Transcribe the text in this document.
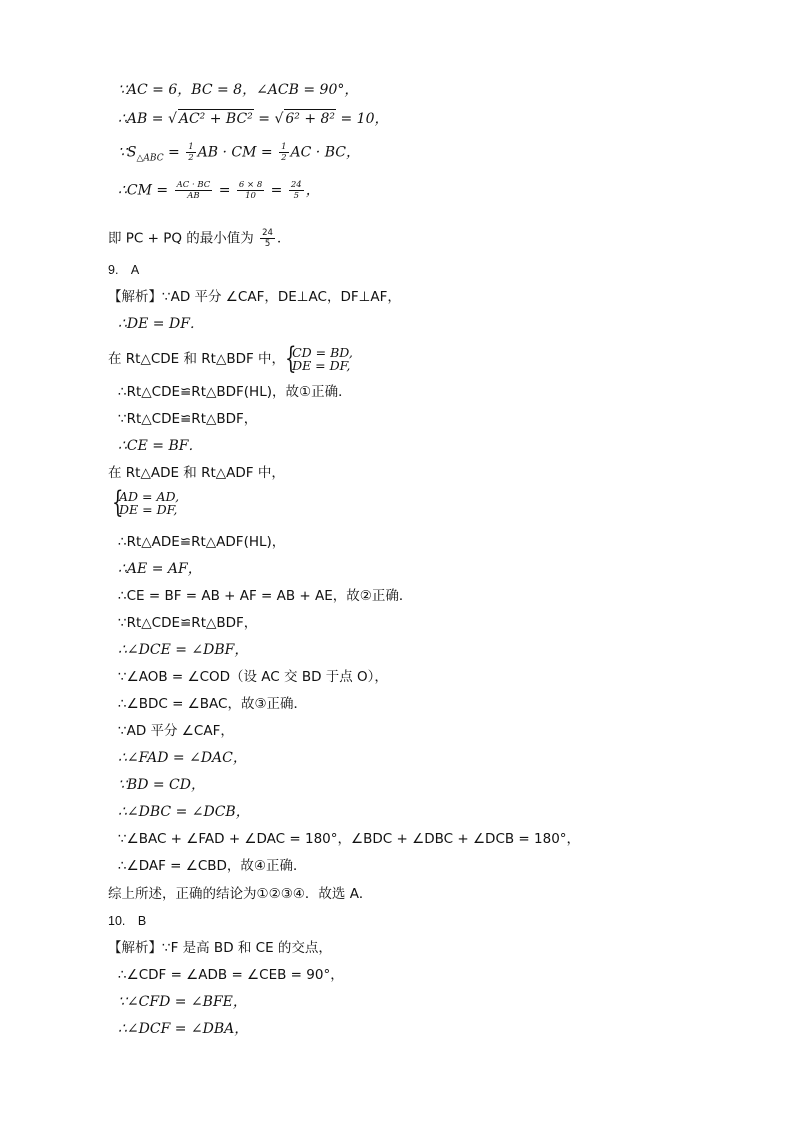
∵AC = 6，BC = 8，∠ACB = 90°，
∴AB = √ AC² + BC² = √ 6² + 8² = 10，
$\because S_{\triangle ABC} = \frac{1}{2}$ AB · CM = $\frac{1}{2}$ AC · BC，
∴CM = $\frac{AC \cdot BC}{AB} = \frac{6 \times 8}{10} = \frac{24}{5}$ ，
即 PC + PQ 的最小值为 $\frac{24}{5}$ ．
9.　A
【解析】∵AD 平分 ∠CAF，DE⊥AC，DF⊥AF，
∴DE = DF．
在 Rt△CDE 和 Rt△BDF 中， {
CD = BD,
DE = DF,
∴Rt△CDE≌Rt△BDF(HL)，故①正确．
∵Rt△CDE≌Rt△BDF，
∴CE = BF．
在 Rt△ADE 和 Rt△ADF 中，
{
AD = AD,
DE = DF,
∴Rt△ADE≌Rt△ADF(HL)，
∴AE = AF，
∴CE = BF = AB + AF = AB + AE，故②正确．
∵Rt△CDE≌Rt△BDF，
∴∠DCE = ∠DBF，
∵∠AOB = ∠COD（设 AC 交 BD 于点 O），
∴∠BDC = ∠BAC，故③正确．
∵AD 平分 ∠CAF，
∴∠FAD = ∠DAC，
∵BD = CD，
∴∠DBC = ∠DCB，
∵∠BAC + ∠FAD + ∠DAC = 180°，∠BDC + ∠DBC + ∠DCB = 180°，
∴∠DAF = ∠CBD，故④正确．
综上所述，正确的结论为①②③④．故选 A．
10.　B
【解析】∵F 是高 BD 和 CE 的交点，
∴∠CDF = ∠ADB = ∠CEB = 90°，
∵∠CFD = ∠BFE，
∴∠DCF = ∠DBA，
